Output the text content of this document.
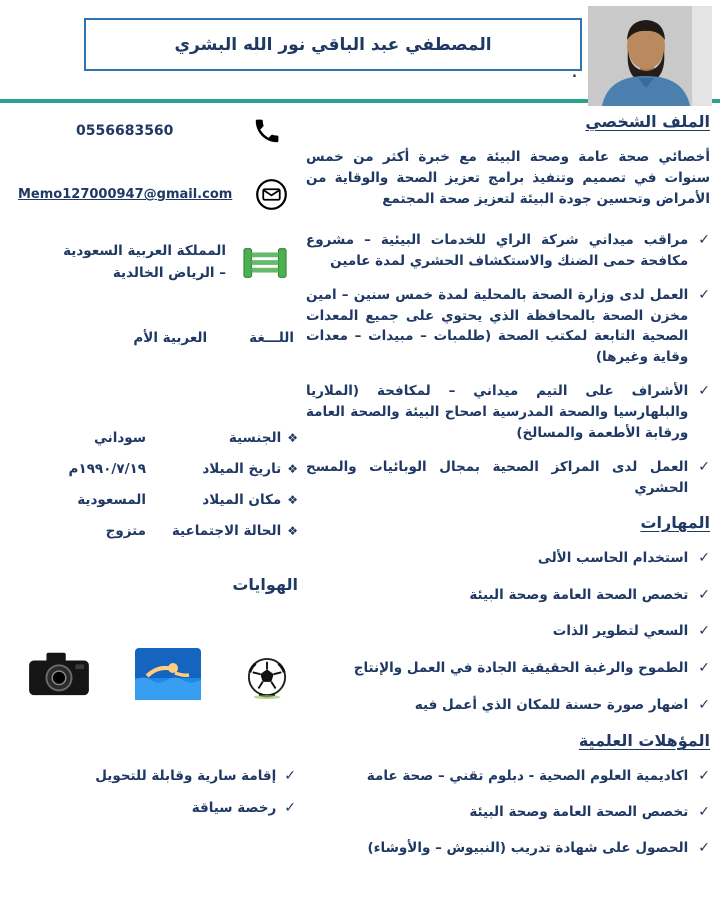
المصطفي عبد الباقي نور الله البشري
.
0556683560
Memo127000947@gmail.com
المملكة العربية السعودية – الرياض الخالدية
اللـــغة
العربية الأم
❖
الجنسية
سوداني
❖
تاريخ الميلاد
١٩٩٠/٧/١٩م
❖
مكان الميلاد
المسعودية
❖
الحالة الاجتماعية
متزوج
الهوايات
✓
إقامة سارية وقابلة للتحويل
✓
رخصة سياقة
الملف الشخصي

أخصائي صحة عامة وصحة البيئة مع خبرة أكثر من خمس سنوات في تصميم وتنفيذ برامج تعزيز الصحة والوقاية من الأمراض وتحسين جودة البيئة لتعزيز صحة المجتمع

✓
مراقب ميداني شركة الراي للخدمات البيئية – مشروع مكافحة حمى الضنك والاستكشاف الحشري لمدة عامين
✓
العمل لدى وزارة الصحة بالمحلية لمدة خمس سنين – امين مخزن الصحة بالمحافظة الذي يحتوي على جميع المعدات الصحية التابعة لمكتب الصحة (طلمبات – مبيدات – معدات وقاية وغيرها)
✓
الأشراف على التيم ميداني – لمكافحة (الملاريا والبلهارسيا والصحة المدرسية اصحاح البيئة والصحة العامة ورقابة الأطعمة والمسالخ)
✓
العمل لدى المراكز الصحية بمجال الوبائيات والمسح الحشري
المهارات
✓
استخدام الحاسب الألى
✓
تخصص الصحة العامة وصحة البيئة
✓
السعي لتطوير الذات
✓
الطموح والرغبة الحقيقية الجادة في العمل والإنتاج
✓
اضهار صورة حسنة للمكان الذي أعمل فيه
المؤهلات العلمية
✓
اكاديمية العلوم الصحية - دبلوم تقني – صحة عامة
✓
تخصص الصحة العامة وصحة البيئة
✓
الحصول على شهادة تدريب (النبيوش – والأوشاء)
